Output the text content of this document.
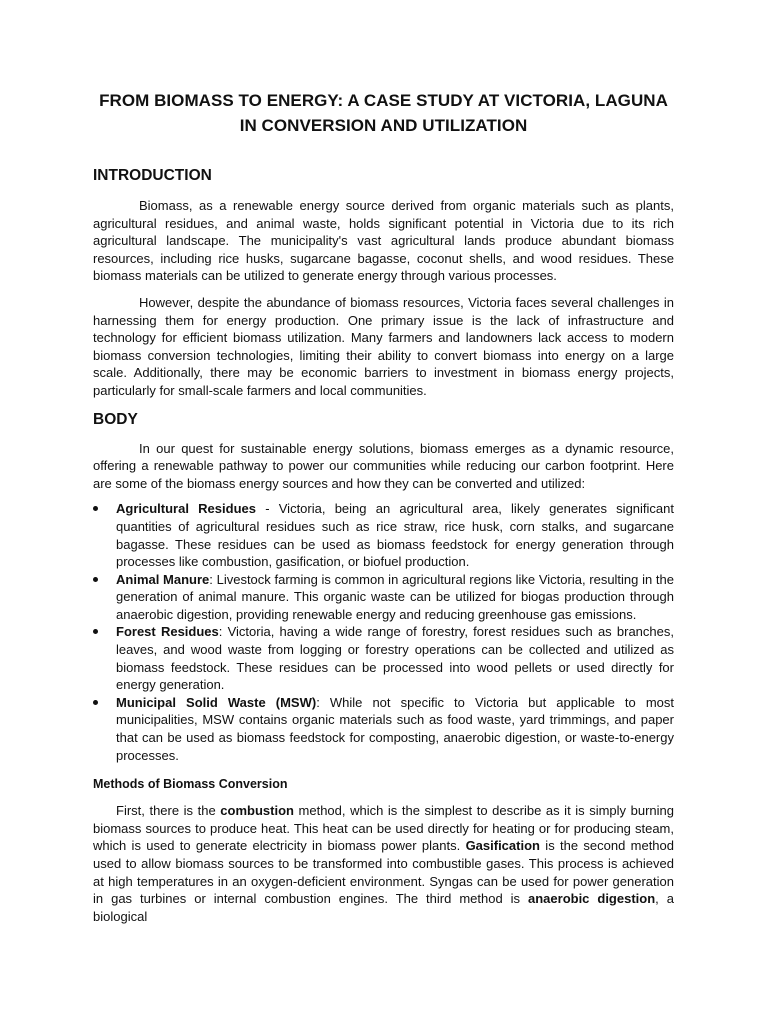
FROM BIOMASS TO ENERGY: A CASE STUDY AT VICTORIA, LAGUNA
IN CONVERSION AND UTILIZATION
INTRODUCTION

Biomass, as a renewable energy source derived from organic materials such as plants, agricultural residues, and animal waste, holds significant potential in Victoria due to its rich agricultural landscape. The municipality's vast agricultural lands produce abundant biomass resources, including rice husks, sugarcane bagasse, coconut shells, and wood residues. These biomass materials can be utilized to generate energy through various processes.

However, despite the abundance of biomass resources, Victoria faces several challenges in harnessing them for energy production. One primary issue is the lack of infrastructure and technology for efficient biomass utilization. Many farmers and landowners lack access to modern biomass conversion technologies, limiting their ability to convert biomass into energy on a large scale. Additionally, there may be economic barriers to investment in biomass energy projects, particularly for small-scale farmers and local communities.

BODY

In our quest for sustainable energy solutions, biomass emerges as a dynamic resource, offering a renewable pathway to power our communities while reducing our carbon footprint. Here are some of the biomass energy sources and how they can be converted and utilized:

Agricultural Residues - Victoria, being an agricultural area, likely generates significant quantities of agricultural residues such as rice straw, rice husk, corn stalks, and sugarcane bagasse. These residues can be used as biomass feedstock for energy generation through processes like combustion, gasification, or biofuel production.
Animal Manure: Livestock farming is common in agricultural regions like Victoria, resulting in the generation of animal manure. This organic waste can be utilized for biogas production through anaerobic digestion, providing renewable energy and reducing greenhouse gas emissions.
Forest Residues: Victoria, having a wide range of forestry, forest residues such as branches, leaves, and wood waste from logging or forestry operations can be collected and utilized as biomass feedstock. These residues can be processed into wood pellets or used directly for energy generation.
Municipal Solid Waste (MSW): While not specific to Victoria but applicable to most municipalities, MSW contains organic materials such as food waste, yard trimmings, and paper that can be used as biomass feedstock for composting, anaerobic digestion, or waste-to-energy processes.
Methods of Biomass Conversion

First, there is the combustion method, which is the simplest to describe as it is simply burning biomass sources to produce heat. This heat can be used directly for heating or for producing steam, which is used to generate electricity in biomass power plants. Gasification is the second method used to allow biomass sources to be transformed into combustible gases. This process is achieved at high temperatures in an oxygen-deficient environment. Syngas can be used for power generation in gas turbines or internal combustion engines. The third method is anaerobic digestion, a biological
